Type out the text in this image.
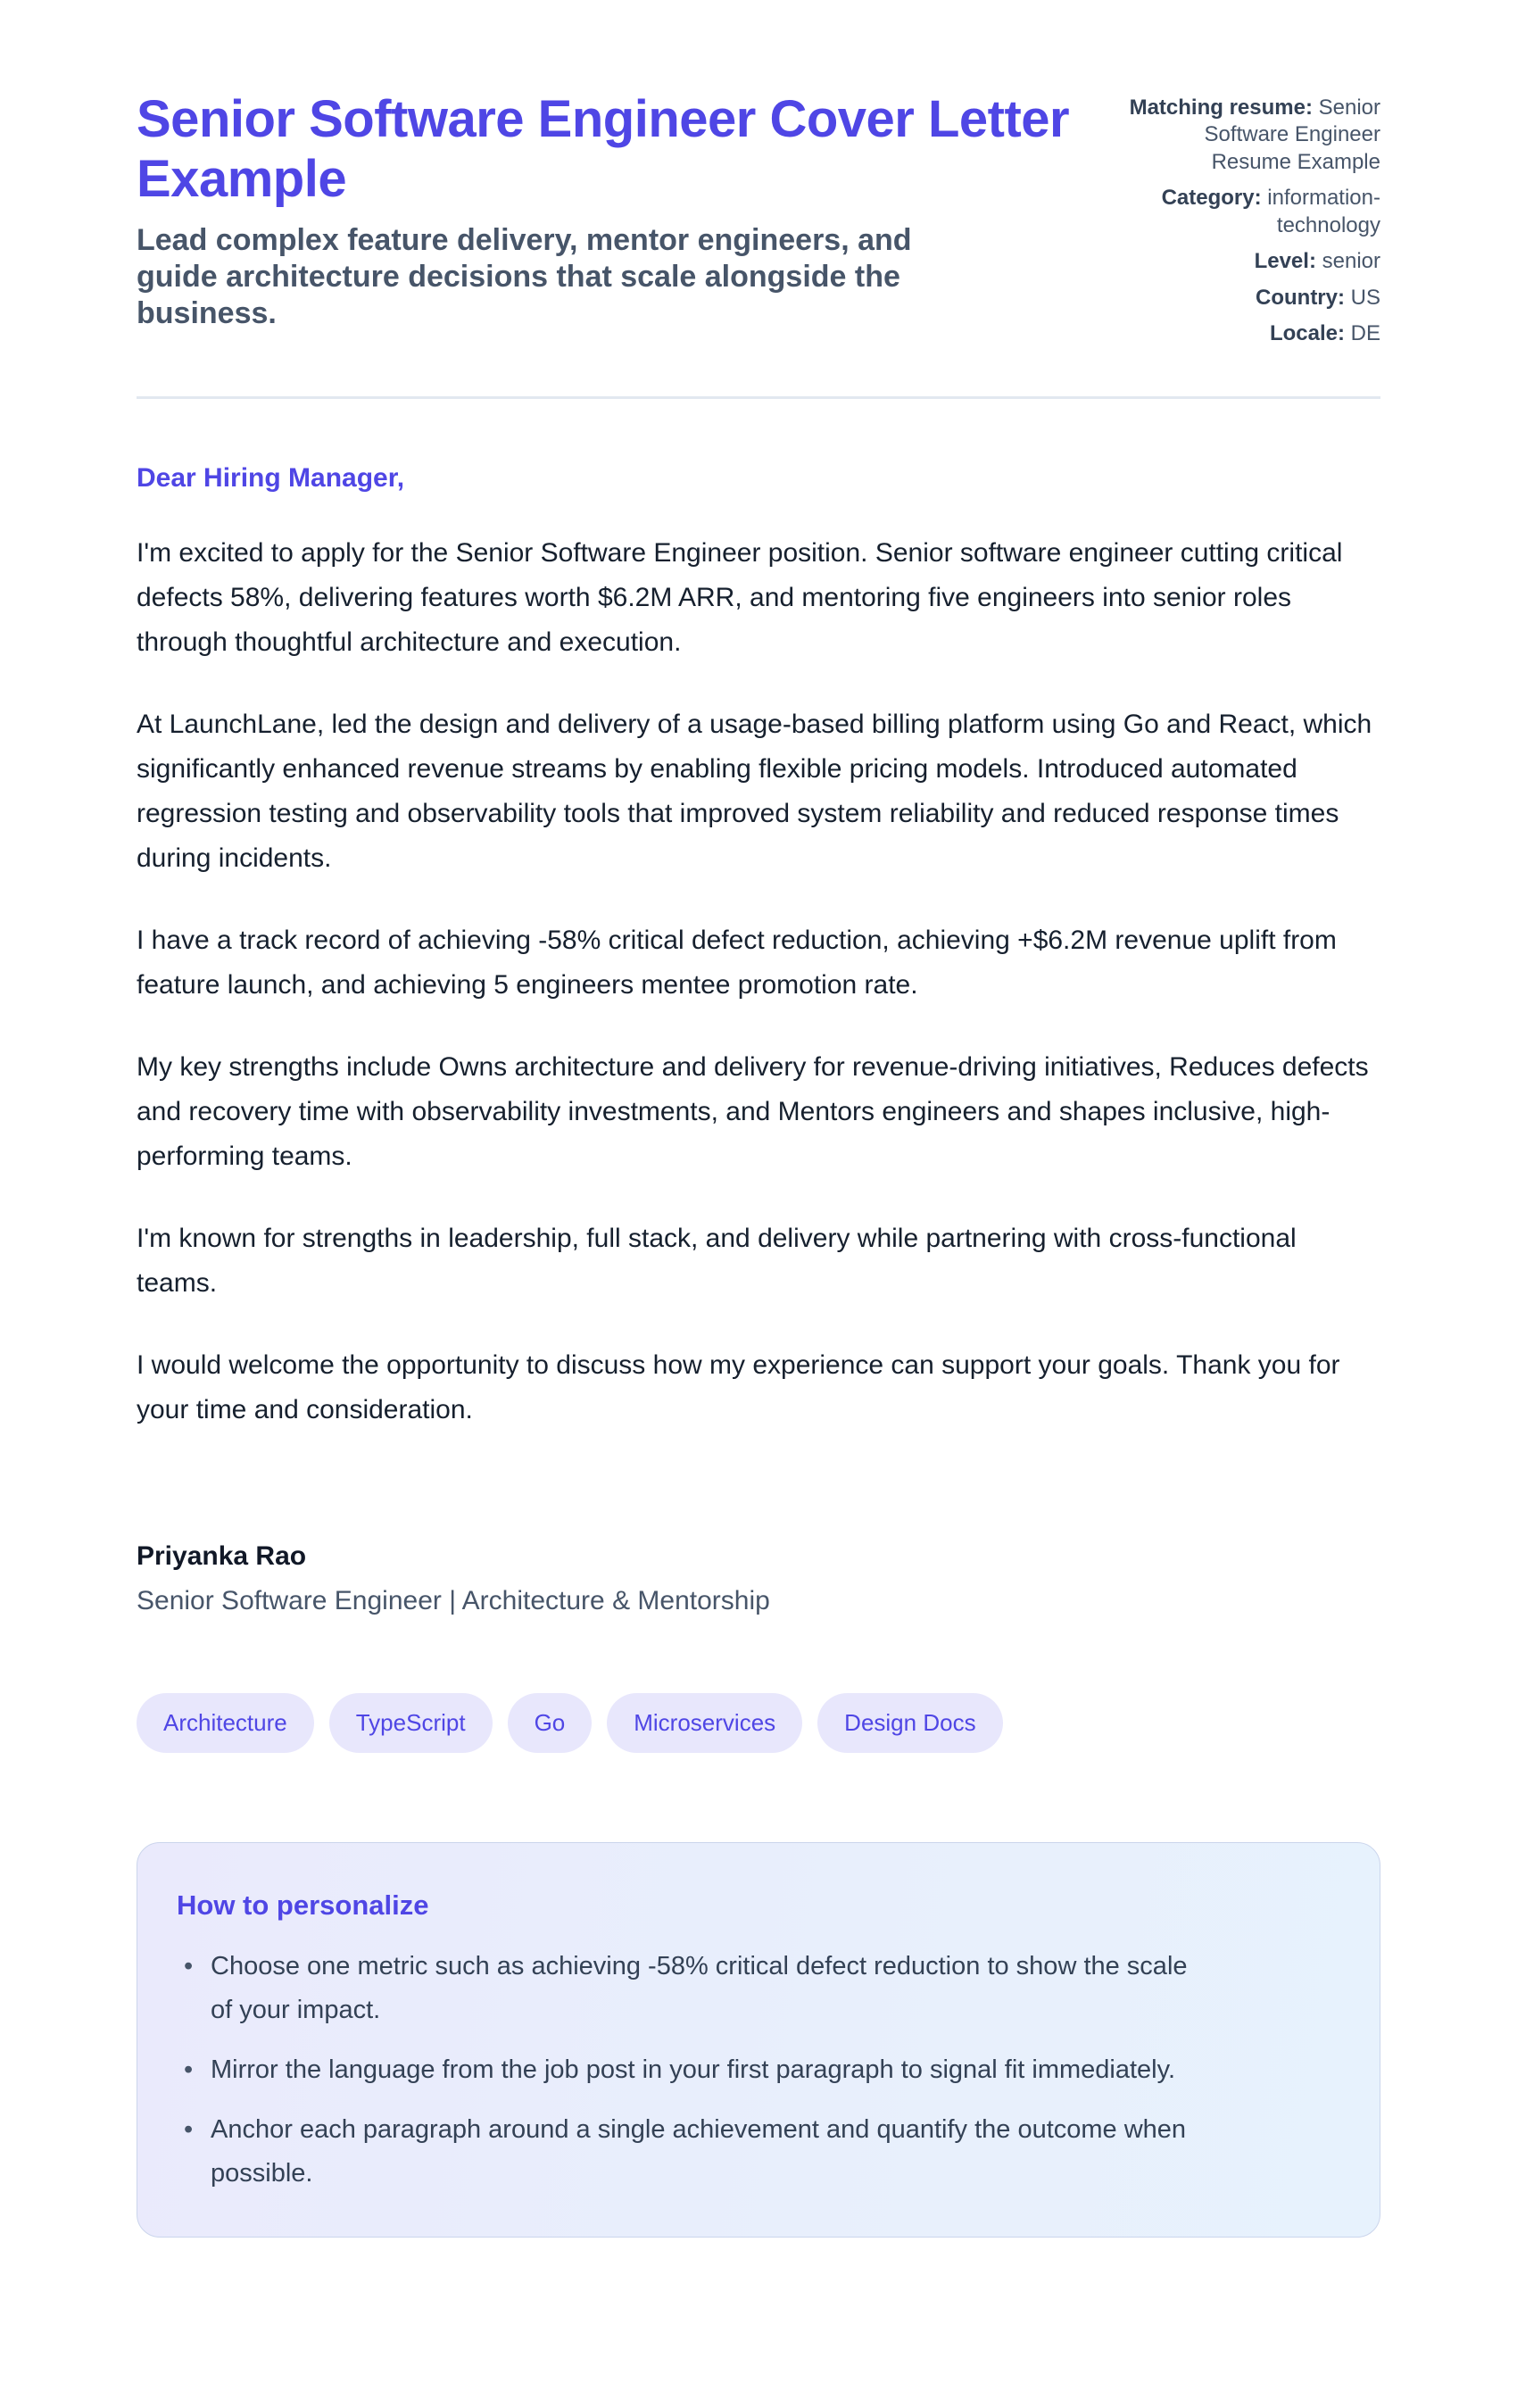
Senior Software Engineer Cover Letter Example
Lead complex feature delivery, mentor engineers, and guide architecture decisions that scale alongside the business.
Matching resume: Senior Software Engineer Resume Example
Category: information-technology
Level: senior
Country: US
Locale: DE

Dear Hiring Manager,

I'm excited to apply for the Senior Software Engineer position. Senior software engineer cutting critical defects 58%, delivering features worth $6.2M ARR, and mentoring five engineers into senior roles through thoughtful architecture and execution.

At LaunchLane, led the design and delivery of a usage-based billing platform using Go and React, which significantly enhanced revenue streams by enabling flexible pricing models. Introduced automated regression testing and observability tools that improved system reliability and reduced response times during incidents.

I have a track record of achieving -58% critical defect reduction, achieving +$6.2M revenue uplift from feature launch, and achieving 5 engineers mentee promotion rate.

My key strengths include Owns architecture and delivery for revenue-driving initiatives, Reduces defects and recovery time with observability investments, and Mentors engineers and shapes inclusive, high-performing teams.

I'm known for strengths in leadership, full stack, and delivery while partnering with cross-functional teams.

I would welcome the opportunity to discuss how my experience can support your goals. Thank you for your time and consideration.

Priyanka Rao

Senior Software Engineer | Architecture & Mentorship

Architecture	TypeScript	Go	Microservices	Design Docs
How to personalize
• Choose one metric such as achieving -58% critical defect reduction to show the scale of your impact.
• Mirror the language from the job post in your first paragraph to signal fit immediately.
• Anchor each paragraph around a single achievement and quantify the outcome when possible.
